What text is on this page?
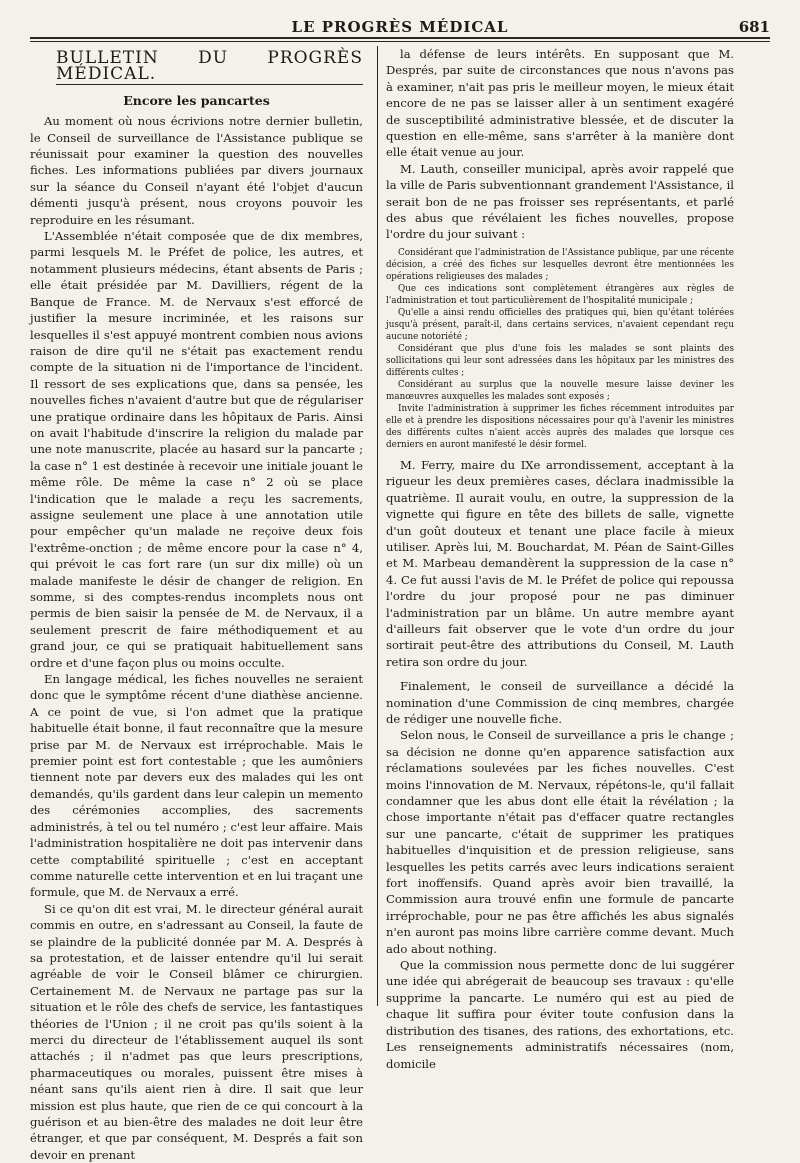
LE PROGRÈS MÉDICAL	681
BULLETIN DU PROGRÈS MÉDICAL.
Encore les pancartes

Au moment où nous écrivions notre dernier bulletin, le Conseil de surveillance de l'Assistance publique se réunissait pour examiner la question des nouvelles fiches. Les informations publiées par divers journaux sur la séance du Conseil n'ayant été l'objet d'aucun démenti jusqu'à présent, nous croyons pouvoir les reproduire en les résumant.

L'Assemblée n'était composée que de dix membres, parmi lesquels M. le Préfet de police, les autres, et notamment plusieurs médecins, étant absents de Paris ; elle était présidée par M. Davilliers, régent de la Banque de France. M. de Nervaux s'est efforcé de justifier la mesure incriminée, et les raisons sur lesquelles il s'est appuyé montrent combien nous avions raison de dire qu'il ne s'était pas exactement rendu compte de la situation ni de l'importance de l'incident. Il ressort de ses explications que, dans sa pensée, les nouvelles fiches n'avaient d'autre but que de régulariser une pratique ordinaire dans les hôpitaux de Paris. Ainsi on avait l'habitude d'inscrire la religion du malade par une note manuscrite, placée au hasard sur la pancarte ; la case n° 1 est destinée à recevoir une initiale jouant le même rôle. De même la case n° 2 où se place l'indication que le malade a reçu les sacrements, assigne seulement une place à une annotation utile pour empêcher qu'un malade ne reçoive deux fois l'extrême-onction ; de même encore pour la case n° 4, qui prévoit le cas fort rare (un sur dix mille) où un malade manifeste le désir de changer de religion. En somme, si des comptes-rendus incomplets nous ont permis de bien saisir la pensée de M. de Nervaux, il a seulement prescrit de faire méthodiquement et au grand jour, ce qui se pratiquait habituellement sans ordre et d'une façon plus ou moins occulte.

En langage médical, les fiches nouvelles ne seraient donc que le symptôme récent d'une diathèse ancienne. A ce point de vue, si l'on admet que la pratique habituelle était bonne, il faut reconnaître que la mesure prise par M. de Nervaux est irréprochable. Mais le premier point est fort contestable ; que les aumôniers tiennent note par devers eux des malades qui les ont demandés, qu'ils gardent dans leur calepin un memento des cérémonies accomplies, des sacrements administrés, à tel ou tel numéro ; c'est leur affaire. Mais l'administration hospitalière ne doit pas intervenir dans cette comptabilité spirituelle ; c'est en acceptant comme naturelle cette intervention et en lui traçant une formule, que M. de Nervaux a erré.

Si ce qu'on dit est vrai, M. le directeur général aurait commis en outre, en s'adressant au Conseil, la faute de se plaindre de la publicité donnée par M. A. Després à sa protestation, et de laisser entendre qu'il lui serait agréable de voir le Conseil blâmer ce chirurgien. Certainement M. de Nervaux ne partage pas sur la situation et le rôle des chefs de service, les fantastiques théories de l'Union ; il ne croit pas qu'ils soient à la merci du directeur de l'établissement auquel ils sont attachés ; il n'admet pas que leurs prescriptions, pharmaceutiques ou morales, puissent être mises à néant sans qu'ils aient rien à dire. Il sait que leur mission est plus haute, que rien de ce qui concourt à la guérison et au bien-être des malades ne doit leur être étranger, et que par conséquent, M. Després a fait son devoir en prenant

la défense de leurs intérêts. En supposant que M. Després, par suite de circonstances que nous n'avons pas à examiner, n'ait pas pris le meilleur moyen, le mieux était encore de ne pas se laisser aller à un sentiment exagéré de susceptibilité administrative blessée, et de discuter la question en elle-même, sans s'arrêter à la manière dont elle était venue au jour.

M. Lauth, conseiller municipal, après avoir rappelé que la ville de Paris subventionnant grandement l'Assistance, il serait bon de ne pas froisser ses représentants, et parlé des abus que révélaient les fiches nouvelles, propose l'ordre du jour suivant :

Considérant que l'administration de l'Assistance publique, par une récente décision, a créé des fiches sur lesquelles devront être mentionnées les opérations religieuses des malades ;

Que ces indications sont complètement étrangères aux règles de l'administration et tout particulièrement de l'hospitalité municipale ;

Qu'elle a ainsi rendu officielles des pratiques qui, bien qu'étant tolérées jusqu'à présent, paraît-il, dans certains services, n'avaient cependant reçu aucune notoriété ;

Considérant que plus d'une fois les malades se sont plaints des sollicitations qui leur sont adressées dans les hôpitaux par les ministres des différents cultes ;

Considérant au surplus que la nouvelle mesure laisse deviner les manœuvres auxquelles les malades sont exposés ;

Invite l'administration à supprimer les fiches récemment introduites par elle et à prendre les dispositions nécessaires pour qu'à l'avenir les ministres des différents cultes n'aient accès auprès des malades que lorsque ces derniers en auront manifesté le désir formel.

M. Ferry, maire du IXe arrondissement, acceptant à la rigueur les deux premières cases, déclara inadmissible la quatrième. Il aurait voulu, en outre, la suppression de la vignette qui figure en tête des billets de salle, vignette d'un goût douteux et tenant une place facile à mieux utiliser. Après lui, M. Bouchardat, M. Péan de Saint-Gilles et M. Marbeau demandèrent la suppression de la case n° 4. Ce fut aussi l'avis de M. le Préfet de police qui repoussa l'ordre du jour proposé pour ne pas diminuer l'administration par un blâme. Un autre membre ayant d'ailleurs fait observer que le vote d'un ordre du jour sortirait peut-être des attributions du Conseil, M. Lauth retira son ordre du jour.

Finalement, le conseil de surveillance a décidé la nomination d'une Commission de cinq membres, chargée de rédiger une nouvelle fiche.

Selon nous, le Conseil de surveillance a pris le change ; sa décision ne donne qu'en apparence satisfaction aux réclamations soulevées par les fiches nouvelles. C'est moins l'innovation de M. Nervaux, répétons-le, qu'il fallait condamner que les abus dont elle était la révélation ; la chose importante n'était pas d'effacer quatre rectangles sur une pancarte, c'était de supprimer les pratiques habituelles d'inquisition et de pression religieuse, sans lesquelles les petits carrés avec leurs indications seraient fort inoffensifs. Quand après avoir bien travaillé, la Commission aura trouvé enfin une formule de pancarte irréprochable, pour ne pas être affichés les abus signalés n'en auront pas moins libre carrière comme devant. Much ado about nothing.

Que la commission nous permette donc de lui suggérer une idée qui abrégerait de beaucoup ses travaux : qu'elle supprime la pancarte. Le numéro qui est au pied de chaque lit suffira pour éviter toute confusion dans la distribution des tisanes, des rations, des exhortations, etc. Les renseignements administratifs nécessaires (nom, domicile
